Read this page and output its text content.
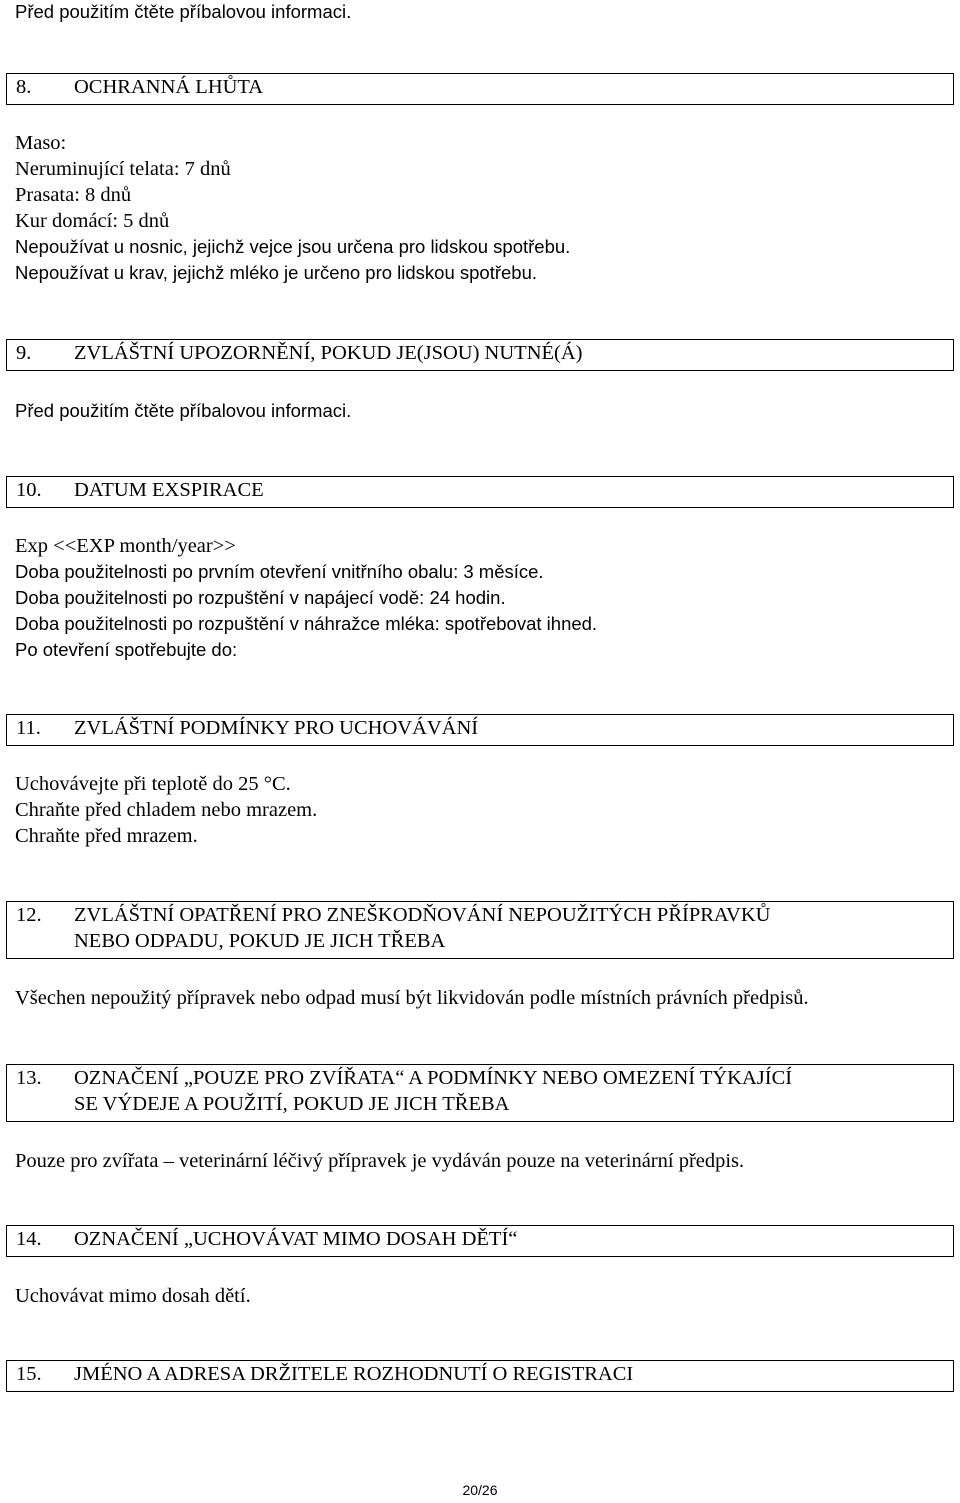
Před použitím čtěte příbalovou informaci.
8. OCHRANNÁ LHŮTA
Maso:
Neruminující telata: 7 dnů
Prasata: 8 dnů
Kur domácí: 5 dnů
Nepoužívat u nosnic, jejichž vejce jsou určena pro lidskou spotřebu.
Nepoužívat u krav, jejichž mléko je určeno pro lidskou spotřebu.
9. ZVLÁŠTNÍ UPOZORNĚNÍ, POKUD JE(JSOU) NUTNÉ(Á)
Před použitím čtěte příbalovou informaci.
10. DATUM EXSPIRACE
Exp <<EXP month/year>>
Doba použitelnosti po prvním otevření vnitřního obalu: 3 měsíce.
Doba použitelnosti po rozpuštění v napájecí vodě: 24 hodin.
Doba použitelnosti po rozpuštění v náhražce mléka: spotřebovat ihned.
Po otevření spotřebujte do:
11. ZVLÁŠTNÍ PODMÍNKY PRO UCHOVÁVÁNÍ
Uchovávejte při teplotě do 25 °C.
Chraňte před chladem nebo mrazem.
Chraňte před mrazem.
12. ZVLÁŠTNÍ OPATŘENÍ PRO ZNEŠKODŇOVÁNÍ NEPOUŽITÝCH PŘÍPRAVKŮ
NEBO ODPADU, POKUD JE JICH TŘEBA
Všechen nepoužitý přípravek nebo odpad musí být likvidován podle místních právních předpisů.
13. OZNAČENÍ „POUZE PRO ZVÍŘATA“ A PODMÍNKY NEBO OMEZENÍ TÝKAJÍCÍ
SE VÝDEJE A POUŽITÍ, POKUD JE JICH TŘEBA
Pouze pro zvířata – veterinární léčivý přípravek je vydáván pouze na veterinární předpis.
14. OZNAČENÍ „UCHOVÁVAT MIMO DOSAH DĚTÍ“
Uchovávat mimo dosah dětí.
15. JMÉNO A ADRESA DRŽITELE ROZHODNUTÍ O REGISTRACI
20/26
